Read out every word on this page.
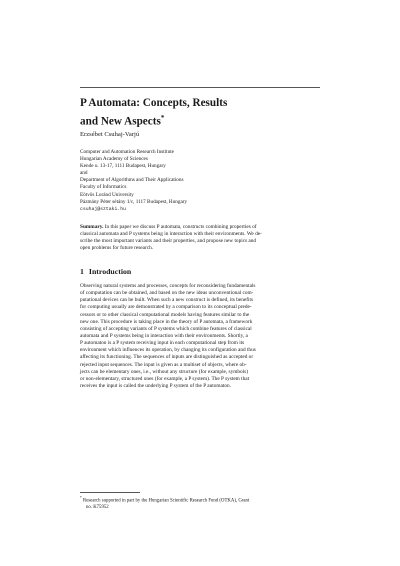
P Automata: Concepts, Results
and New Aspects*
Erzsébet Csuhaj-Varjú
Computer and Automation Research Institute
Hungarian Academy of Sciences
Kende u. 13-17, 1111 Budapest, Hungary
and
Department of Algorithms and Their Applications
Faculty of Informatics
Eötvös Loránd University
Pázmány Péter sétány 1/c, 1117 Budapest, Hungary
csuhaj@sztaki.hu
Summary. In this paper we discuss P automata, constructs combining properties of
classical automata and P systems being in interaction with their environments. We de-
scribe the most important variants and their properties, and propose new topics and
open problems for future research.
1 Introduction
Observing natural systems and processes, concepts for reconsidering fundamentals
of computation can be obtained, and based on the new ideas unconventional com-
putational devices can be built. When such a new construct is defined, its benefits
for computing usually are demonstrated by a comparison to its conceptual prede-
cessors or to other classical computational models having features similar to the
new one. This procedure is taking place in the theory of P automata, a framework
consisting of accepting variants of P systems which combine features of classical
automata and P systems being in interaction with their environments. Shortly, a
P automaton is a P system receiving input in each computational step from its
environment which influences its operation, by changing its configuration and thus
affecting its functioning. The sequences of inputs are distinguished as accepted or
rejected input sequences. The input is given as a multiset of objects, where ob-
jects can be elementary ones, i.e., without any structure (for example, symbols)
or non-elementary, structured ones (for example, a P system). The P system that
receives the input is called the underlying P system of the P automaton.
* Research supported in part by the Hungarian Scientific Research Fund (OTKA), Grant
no. K75952
